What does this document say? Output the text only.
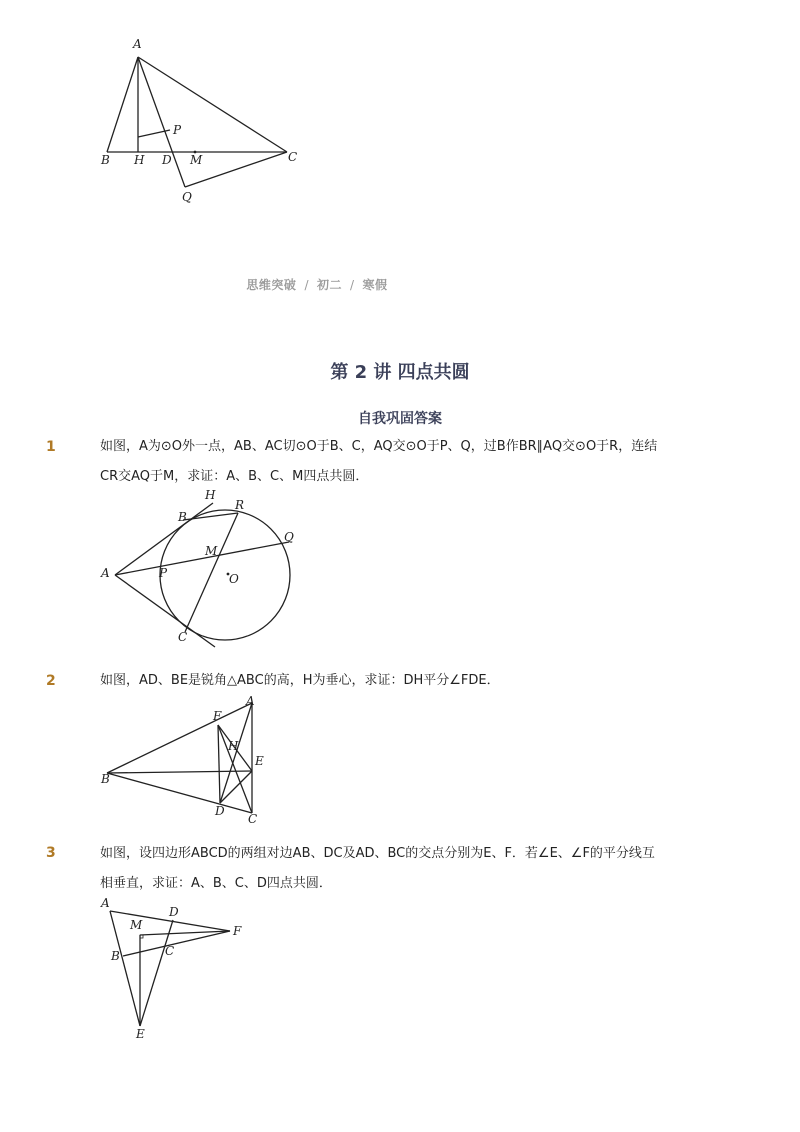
A
P
B H D M	C
Q
思维突破 / 初二 / 寒假
第 2 讲 四点共圆
自我巩固答案
1	如图，A为⊙O外一点，AB、AC切⊙O于B、C，AQ交⊙O于P、Q，过B作BR∥AQ交⊙O于R，连结CR交AQ于M，求证：A、B、C、M四点共圆．
H
B
R
Q
M
A	P	O
C
2	如图，AD、BE是锐角△ABC的高，H为垂心，求证：DH平分∠FDE．
F
A
H
E
B
D
C
3	如图，设四边形ABCD的两组对边AB、DC及AD、BC的交点分别为E、F．若∠E、∠F的平分线互相垂直，求证：A、B、C、D四点共圆．
A
D
M	F
B	C
E
